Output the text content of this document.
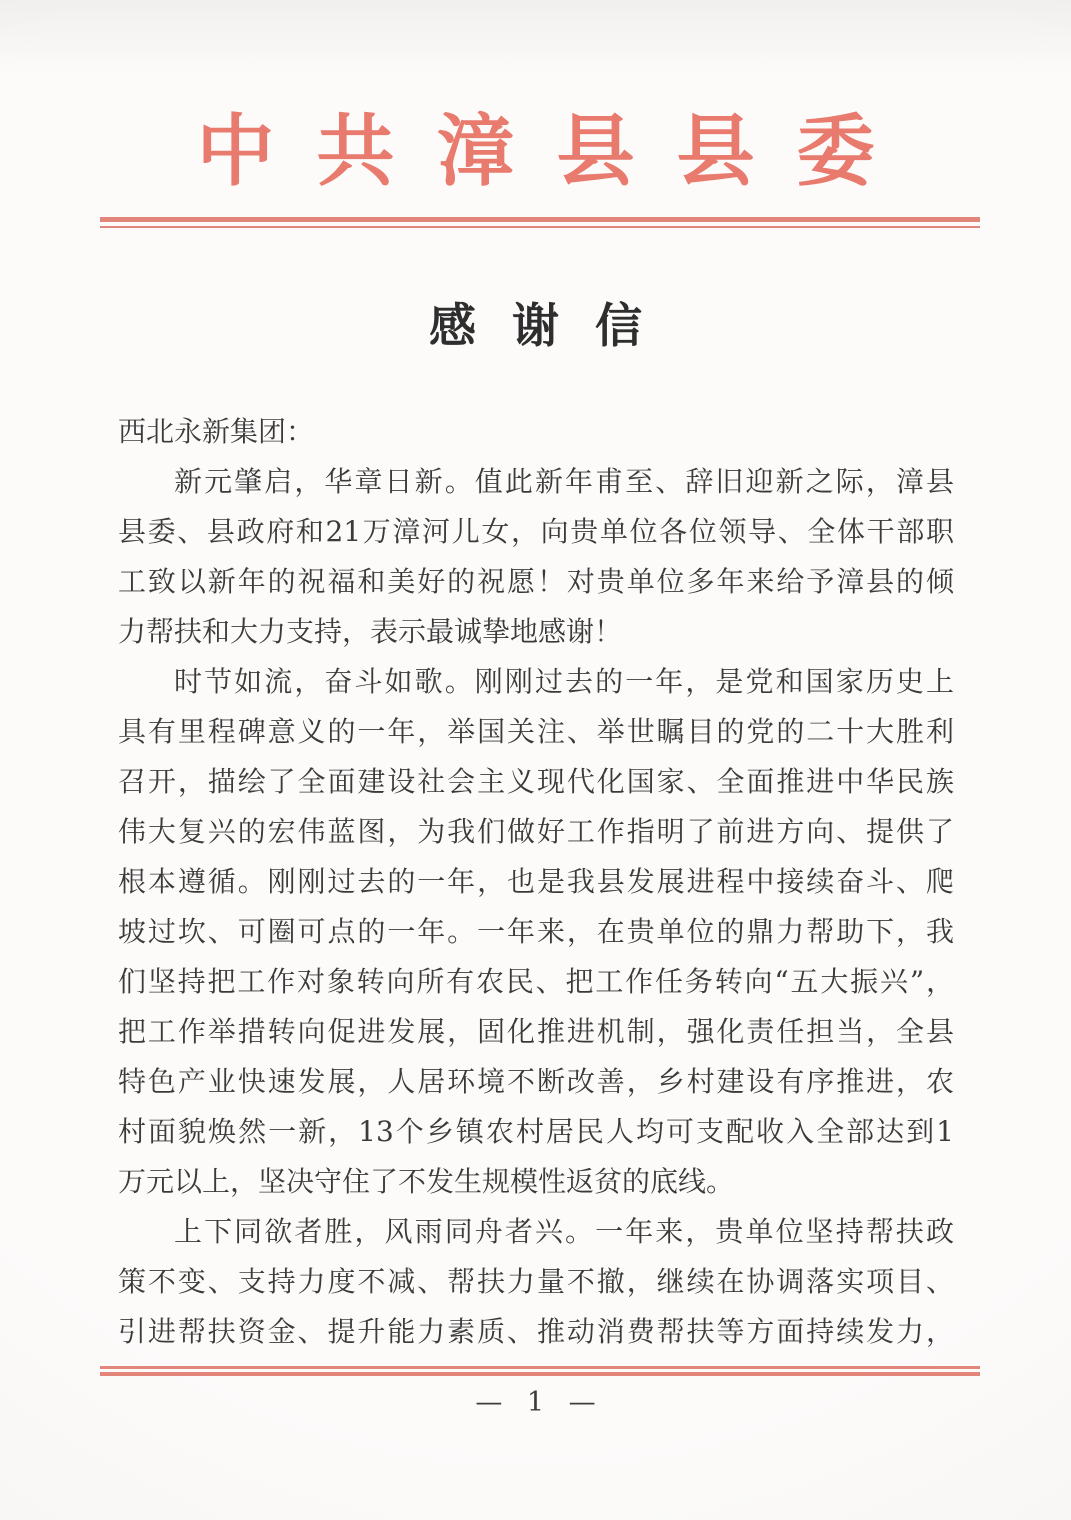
中共漳县县委
感谢信
西北永新集团：
新元肇启，华章日新。值此新年甫至、辞旧迎新之际，漳县
县委、县政府和21万漳河儿女，向贵单位各位领导、全体干部职
工致以新年的祝福和美好的祝愿！对贵单位多年来给予漳县的倾
力帮扶和大力支持，表示最诚挚地感谢！
时节如流，奋斗如歌。刚刚过去的一年，是党和国家历史上
具有里程碑意义的一年，举国关注、举世瞩目的党的二十大胜利
召开，描绘了全面建设社会主义现代化国家、全面推进中华民族
伟大复兴的宏伟蓝图，为我们做好工作指明了前进方向、提供了
根本遵循。刚刚过去的一年，也是我县发展进程中接续奋斗、爬
坡过坎、可圈可点的一年。一年来，在贵单位的鼎力帮助下，我
们坚持把工作对象转向所有农民、把工作任务转向“五大振兴”，
把工作举措转向促进发展，固化推进机制，强化责任担当，全县
特色产业快速发展，人居环境不断改善，乡村建设有序推进，农
村面貌焕然一新，13个乡镇农村居民人均可支配收入全部达到1
万元以上，坚决守住了不发生规模性返贫的底线。
上下同欲者胜，风雨同舟者兴。一年来，贵单位坚持帮扶政
策不变、支持力度不减、帮扶力量不撤，继续在协调落实项目、
引进帮扶资金、提升能力素质、推动消费帮扶等方面持续发力，
— 1 —
